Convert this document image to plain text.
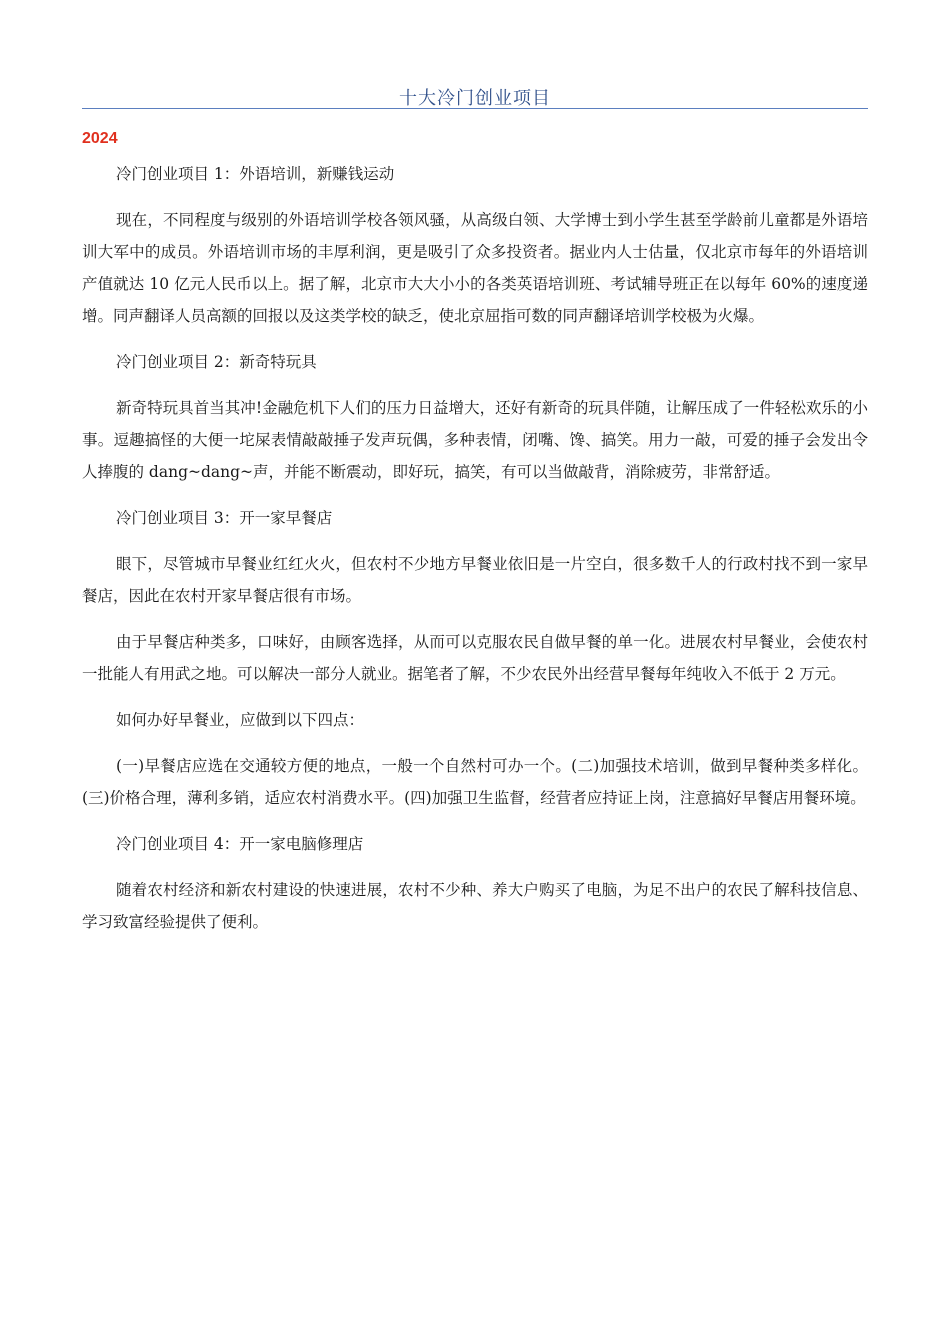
十大冷门创业项目
2024

冷门创业项目 1：外语培训，新赚钱运动

现在，不同程度与级别的外语培训学校各领风骚，从高级白领、大学博士到小学生甚至学龄前儿童都是外语培训大军中的成员。外语培训市场的丰厚利润，更是吸引了众多投资者。据业内人士估量，仅北京市每年的外语培训产值就达 10 亿元人民币以上。据了解，北京市大大小小的各类英语培训班、考试辅导班正在以每年 60%的速度递增。同声翻译人员高额的回报以及这类学校的缺乏，使北京屈指可数的同声翻译培训学校极为火爆。

冷门创业项目 2：新奇特玩具

新奇特玩具首当其冲!金融危机下人们的压力日益增大，还好有新奇的玩具伴随，让解压成了一件轻松欢乐的小事。逗趣搞怪的大便一坨屎表情敲敲捶子发声玩偶，多种表情，闭嘴、馋、搞笑。用力一敲，可爱的捶子会发出令人捧腹的 dang~dang~声，并能不断震动，即好玩，搞笑，有可以当做敲背，消除疲劳，非常舒适。

冷门创业项目 3：开一家早餐店

眼下，尽管城市早餐业红红火火，但农村不少地方早餐业依旧是一片空白，很多数千人的行政村找不到一家早餐店，因此在农村开家早餐店很有市场。

由于早餐店种类多，口味好，由顾客选择，从而可以克服农民自做早餐的单一化。进展农村早餐业，会使农村一批能人有用武之地。可以解决一部分人就业。据笔者了解，不少农民外出经营早餐每年纯收入不低于 2 万元。

如何办好早餐业，应做到以下四点：

(一)早餐店应选在交通较方便的地点，一般一个自然村可办一个。(二)加强技术培训，做到早餐种类多样化。(三)价格合理，薄利多销，适应农村消费水平。(四)加强卫生监督，经营者应持证上岗，注意搞好早餐店用餐环境。

冷门创业项目 4：开一家电脑修理店

随着农村经济和新农村建设的快速进展，农村不少种、养大户购买了电脑，为足不出户的农民了解科技信息、学习致富经验提供了便利。
